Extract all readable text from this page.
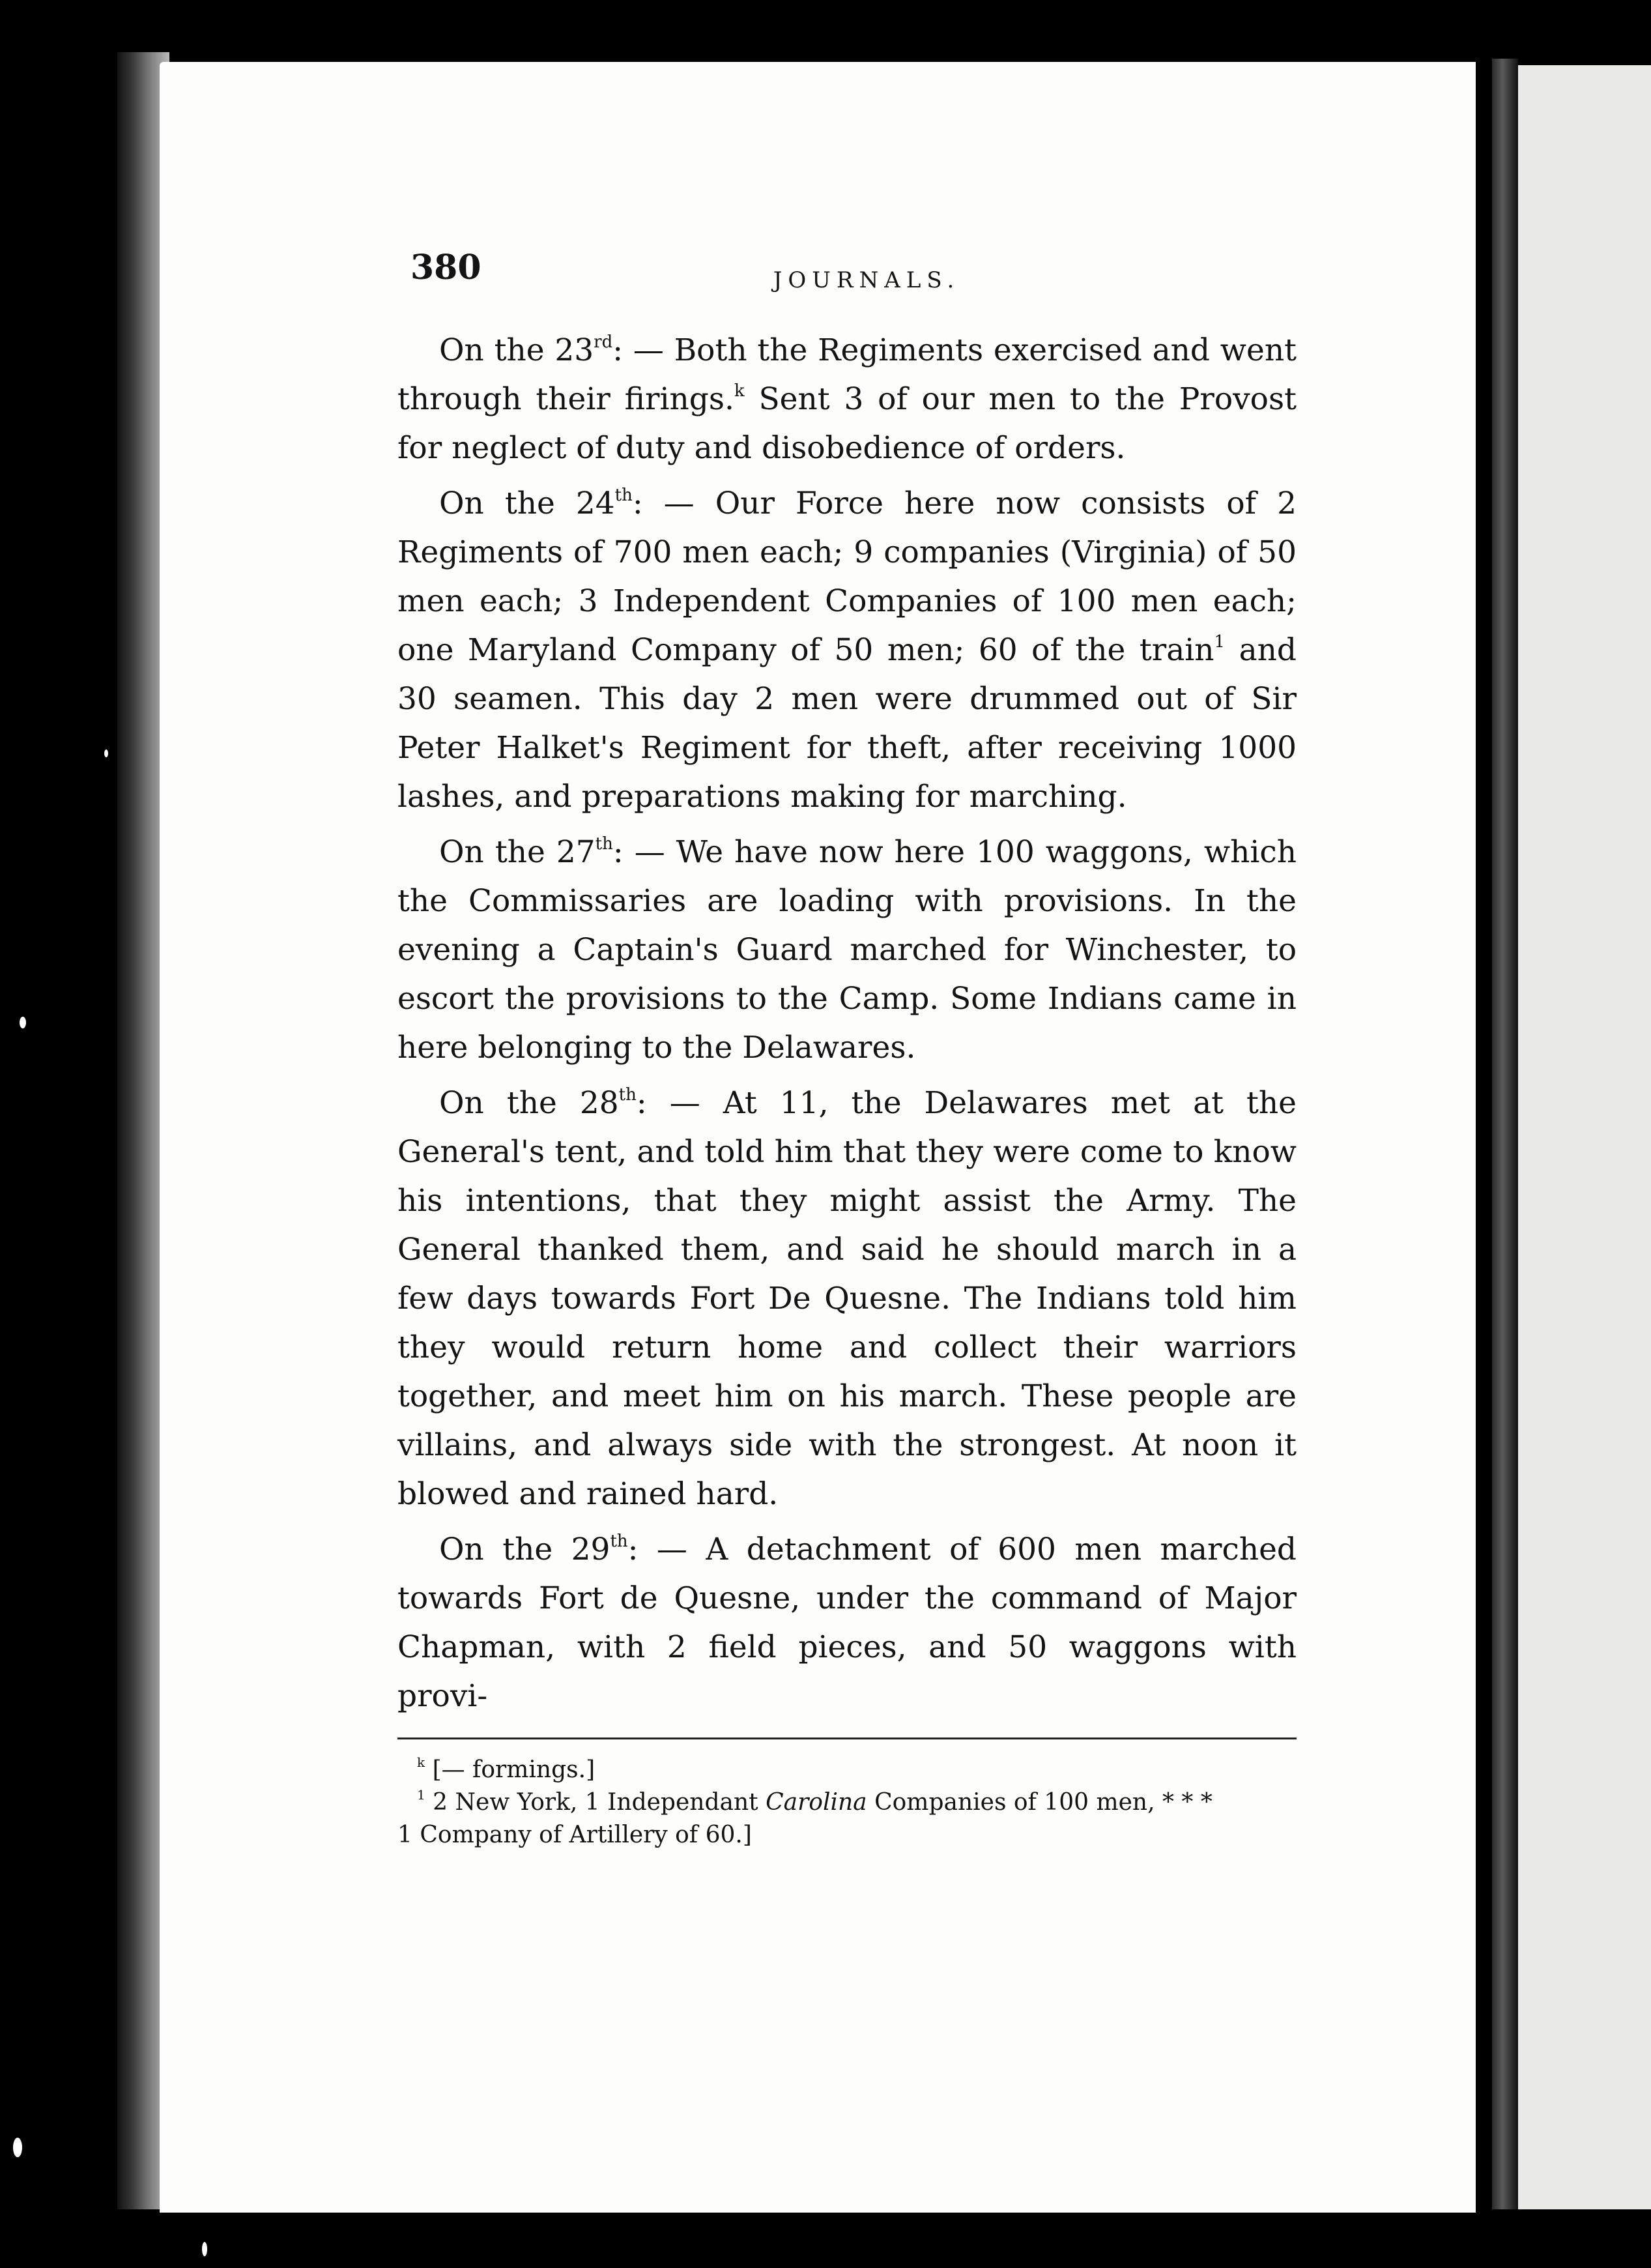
380	JOURNALS.

On the 23rd: — Both the Regiments exercised and went through their firings.$^k$ Sent 3 of our men to the Provost for neglect of duty and disobedience of orders.

On the 24th: — Our Force here now consists of 2 Regiments of 700 men each; 9 companies (Virginia) of 50 men each; 3 Independent Companies of 100 men each; one Maryland Company of 50 men; 60 of the train$^1$ and 30 seamen. This day 2 men were drummed out of Sir Peter Halket's Regiment for theft, after receiving 1000 lashes, and preparations making for marching.

On the 27th: — We have now here 100 waggons, which the Commissaries are loading with provisions. In the evening a Captain's Guard marched for Winchester, to escort the provisions to the Camp. Some Indians came in here belonging to the Delawares.

On the 28th: — At 11, the Delawares met at the General's tent, and told him that they were come to know his intentions, that they might assist the Army. The General thanked them, and said he should march in a few days towards Fort De Quesne. The Indians told him they would return home and collect their warriors together, and meet him on his march. These people are villains, and always side with the strongest. At noon it blowed and rained hard.

On the 29th: — A detachment of 600 men marched towards Fort de Quesne, under the command of Major Chapman, with 2 field pieces, and 50 waggons with provi-

$^k$ [— formings.]

$^1$ 2 New York, 1 Independant Carolina Companies of 100 men, * * *

1 Company of Artillery of 60.]
